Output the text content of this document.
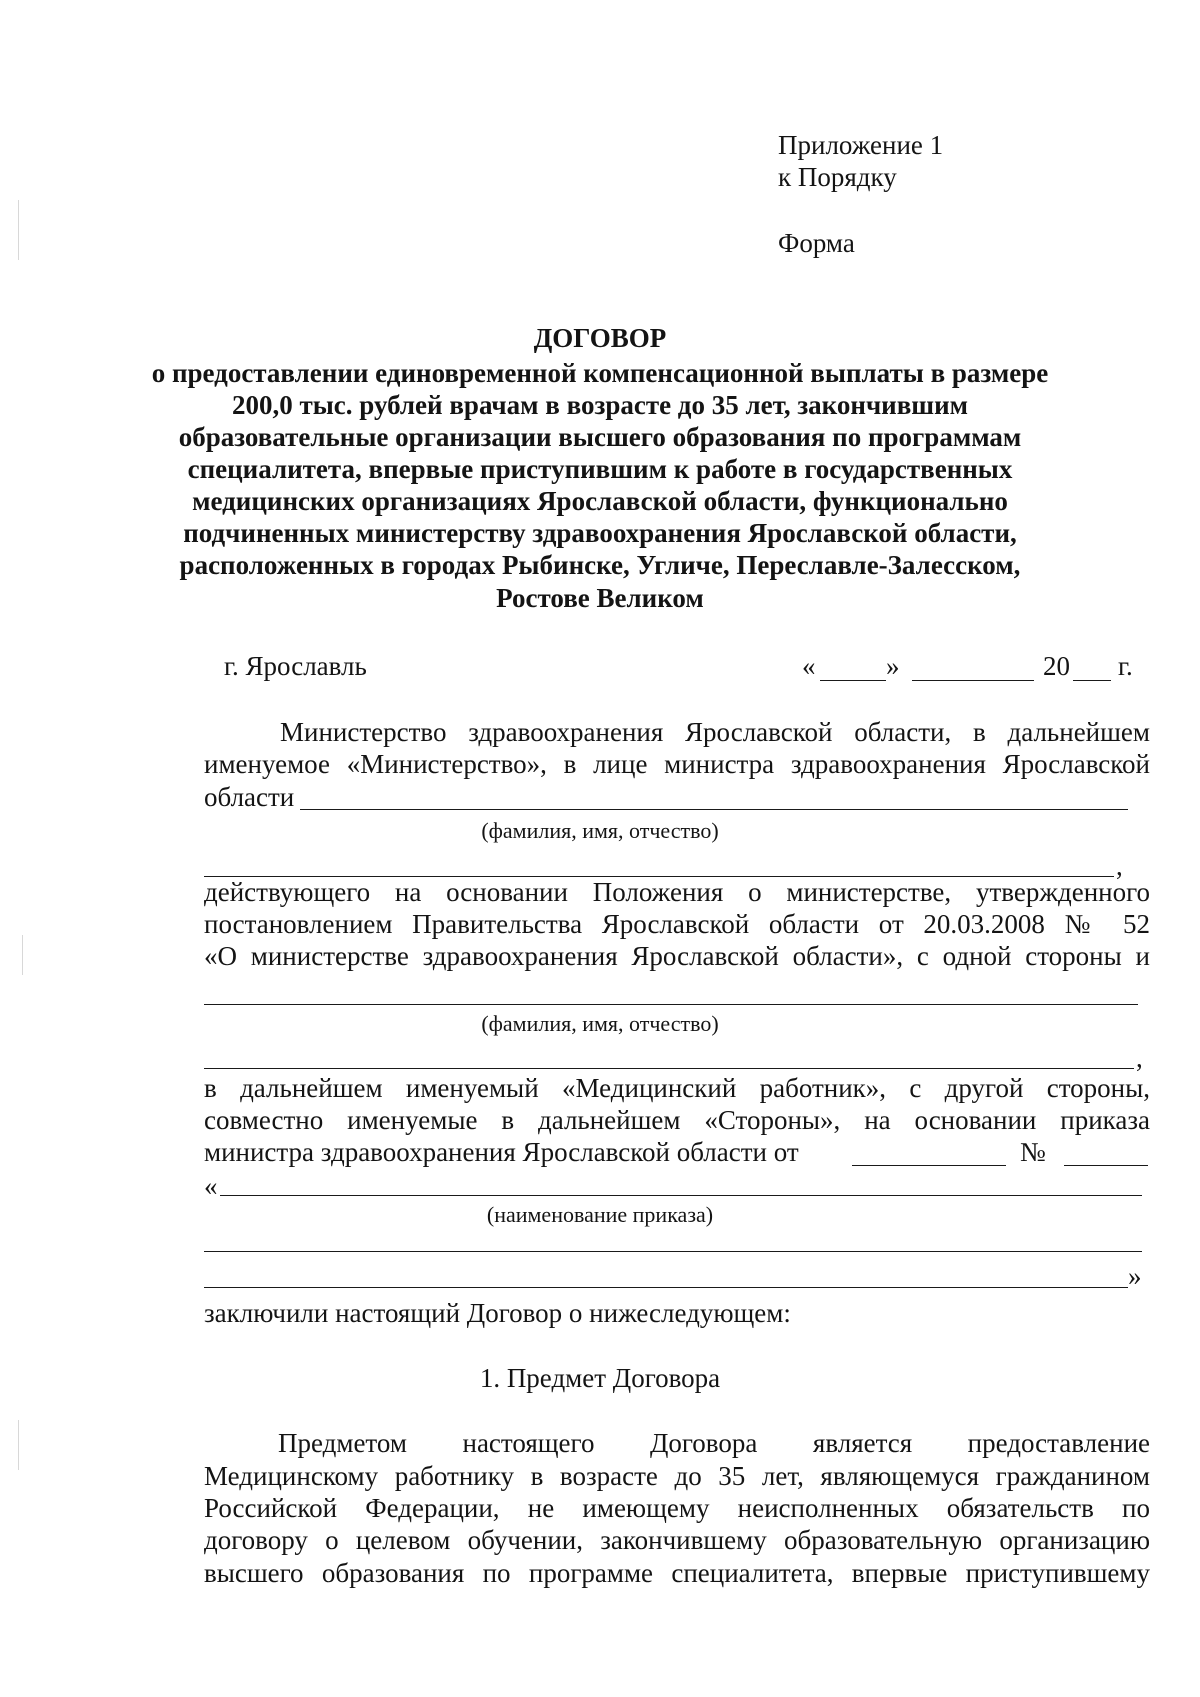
Приложение 1
к Порядку
Форма
ДОГОВОР
о предоставлении единовременной компенсационной выплаты в размере
200,0 тыс. рублей врачам в возрасте до 35 лет, закончившим
образовательные организации высшего образования по программам
специалитета, впервые приступившим к работе в государственных
медицинских организациях Ярославской области, функционально
подчиненных министерству здравоохранения Ярославской области,
расположенных в городах Рыбинске, Угличе, Переславле-Залесском,
Ростове Великом
г. Ярославль	«	»	20 г.
Министерство здравоохранения Ярославской области, в дальнейшем
именуемое «Министерство», в лице министра здравоохранения Ярославской
области
(фамилия, имя, отчество)
,
действующего на основании Положения о министерстве, утвержденного
постановлением Правительства Ярославской области от 20.03.2008 № 52
«О министерстве здравоохранения Ярославской области», с одной стороны и
(фамилия, имя, отчество)
,
в дальнейшем именуемый «Медицинский работник», с другой стороны,
совместно именуемые в дальнейшем «Стороны», на основании приказа
министра здравоохранения Ярославской области от	№
«
(наименование приказа)
»
заключили настоящий Договор о нижеследующем:
1. Предмет Договора
Предметом настоящего Договора является предоставление
Медицинскому работнику в возрасте до 35 лет, являющемуся гражданином
Российской Федерации, не имеющему неисполненных обязательств по
договору о целевом обучении, закончившему образовательную организацию
высшего образования по программе специалитета, впервые приступившему
